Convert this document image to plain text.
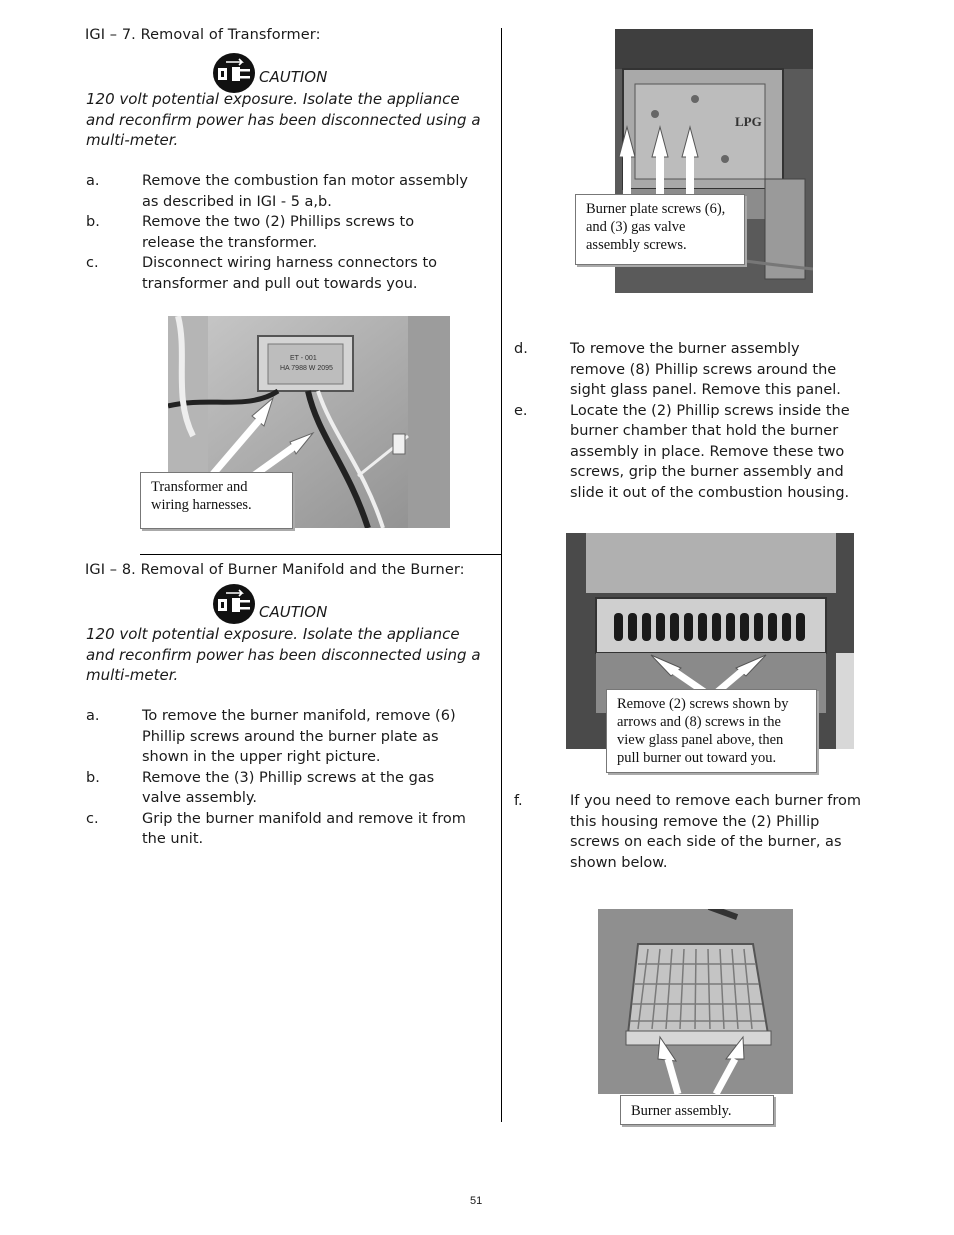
IGI – 7. Removal of Transformer:
CAUTION
120 volt potential exposure. Isolate the appliance and reconfirm power has been disconnected using a multi-meter.
a.	Remove the combustion fan motor assembly as described in IGI - 5 a,b.
b.	Remove the two (2) Phillips screws to release the transformer.
c.	Disconnect wiring harness connectors to transformer and pull out towards you.
ET - 001
HA 7988 W 2095
Transformer and wiring harnesses.
IGI – 8. Removal of Burner Manifold and the Burner:
CAUTION
120 volt potential exposure. Isolate the appliance and reconfirm power has been disconnected using a multi-meter.
a.	To remove the burner manifold, remove (6) Phillip screws around the burner plate as shown in the upper right picture.
b.	Remove the (3) Phillip screws at the gas valve assembly.
c.	Grip the burner manifold and remove it from the unit.
LPG
Burner plate screws (6), and (3) gas valve assembly screws.
d.	To remove the burner assembly remove (8) Phillip screws around the sight glass panel. Remove this panel.
e.	Locate the (2) Phillip screws inside the burner chamber that hold the burner assembly in place. Remove these two screws, grip the burner assembly and slide it out of the combustion housing.
Remove (2) screws shown by arrows and (8) screws in the view glass panel above, then pull burner out toward you.
f.	If you need to remove each burner from this housing remove the (2) Phillip screws on each side of the burner, as shown below.
Burner assembly.
51
